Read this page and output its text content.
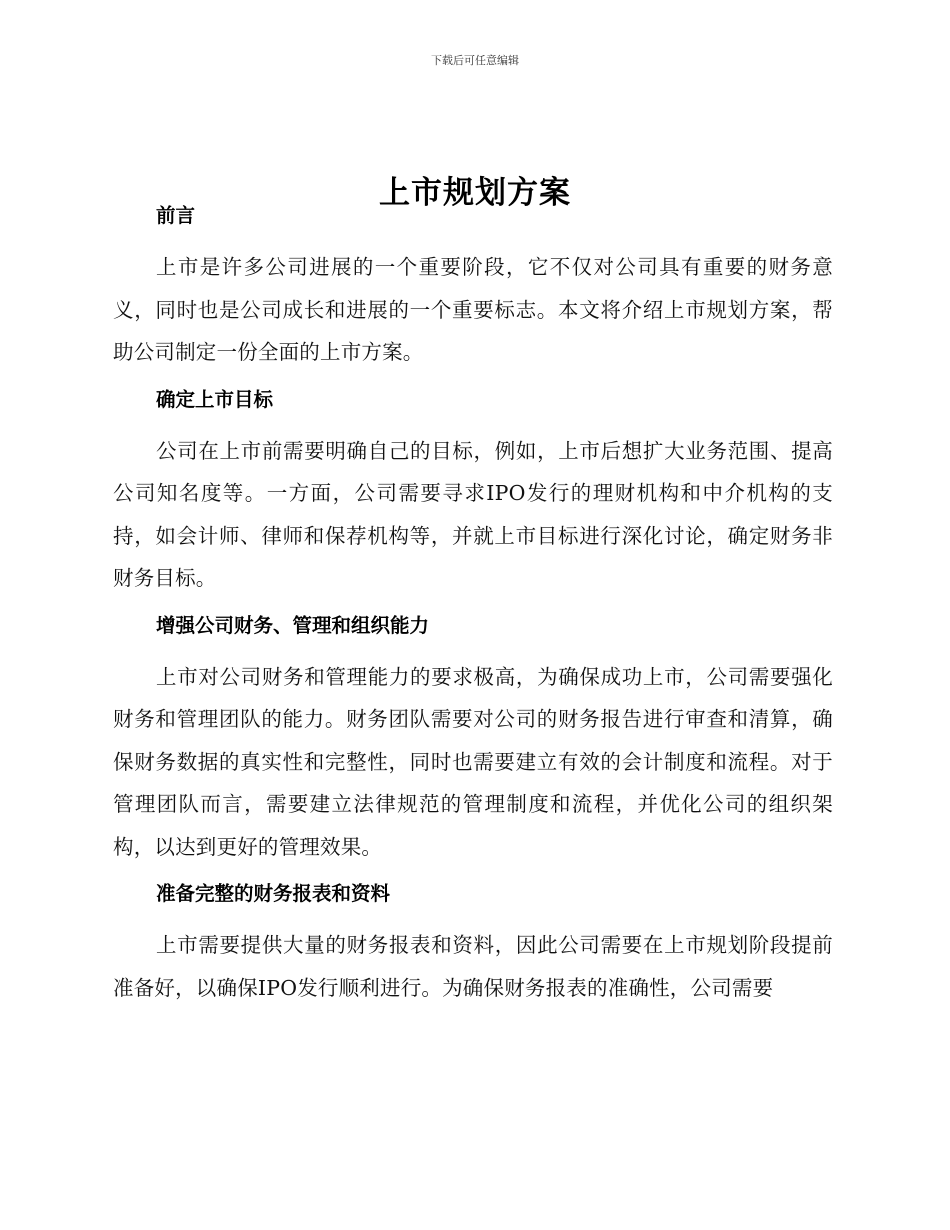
下载后可任意编辑
上市规划方案
前言

上市是许多公司进展的一个重要阶段，它不仅对公司具有重要的财务意义，同时也是公司成长和进展的一个重要标志。本文将介绍上市规划方案，帮助公司制定一份全面的上市方案。

确定上市目标

公司在上市前需要明确自己的目标，例如，上市后想扩大业务范围、提高公司知名度等。一方面，公司需要寻求IPO发行的理财机构和中介机构的支持，如会计师、律师和保荐机构等，并就上市目标进行深化讨论，确定财务非财务目标。

增强公司财务、管理和组织能力

上市对公司财务和管理能力的要求极高，为确保成功上市，公司需要强化财务和管理团队的能力。财务团队需要对公司的财务报告进行审查和清算，确保财务数据的真实性和完整性，同时也需要建立有效的会计制度和流程。对于管理团队而言，需要建立法律规范的管理制度和流程，并优化公司的组织架构，以达到更好的管理效果。

准备完整的财务报表和资料

上市需要提供大量的财务报表和资料，因此公司需要在上市规划阶段提前准备好，以确保IPO发行顺利进行。为确保财务报表的准确性，公司需要
